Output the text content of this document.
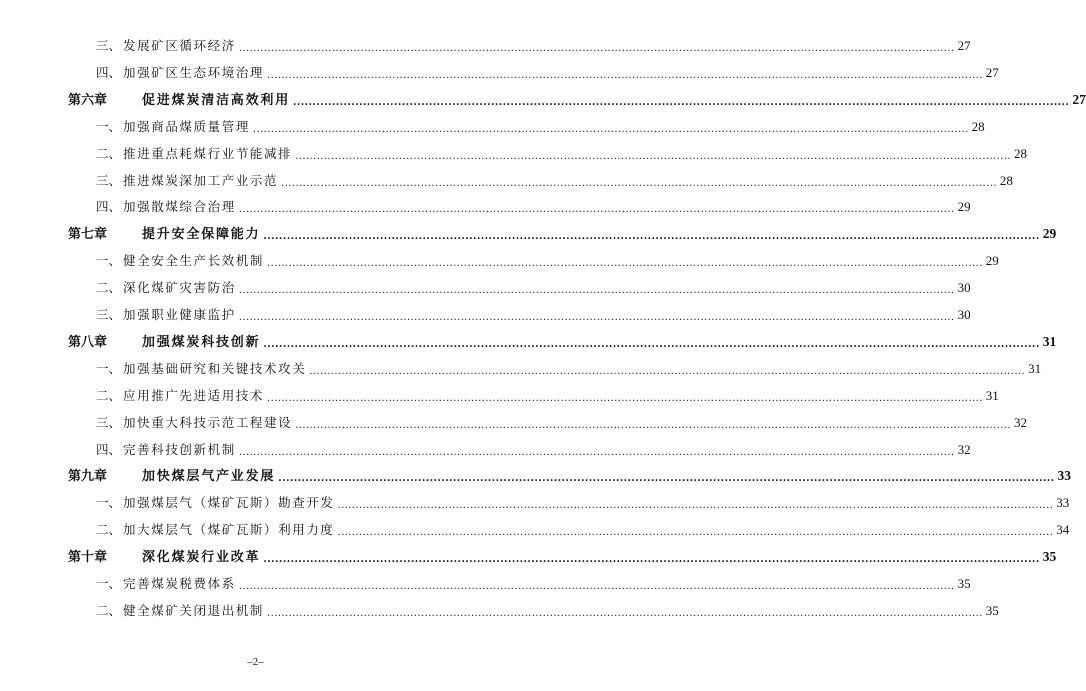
三、 发展矿区循环经济 ........................................................................................................................................................................................................ 27
四、 加强矿区生态环境治理 ........................................................................................................................................................................................................ 27
第六章	促进煤炭清洁高效利用 ........................................................................................................................................................................................................ 27
一、 加强商品煤质量管理 ........................................................................................................................................................................................................ 28
二、 推进重点耗煤行业节能减排 ........................................................................................................................................................................................................ 28
三、 推进煤炭深加工产业示范 ........................................................................................................................................................................................................ 28
四、 加强散煤综合治理 ........................................................................................................................................................................................................ 29
第七章	提升安全保障能力 ........................................................................................................................................................................................................ 29
一、 健全安全生产长效机制 ........................................................................................................................................................................................................ 29
二、 深化煤矿灾害防治 ........................................................................................................................................................................................................ 30
三、 加强职业健康监护 ........................................................................................................................................................................................................ 30
第八章	加强煤炭科技创新 ........................................................................................................................................................................................................ 31
一、 加强基础研究和关键技术攻关 ........................................................................................................................................................................................................ 31
二、 应用推广先进适用技术 ........................................................................................................................................................................................................ 31
三、 加快重大科技示范工程建设 ........................................................................................................................................................................................................ 32
四、 完善科技创新机制 ........................................................................................................................................................................................................ 32
第九章	加快煤层气产业发展 ........................................................................................................................................................................................................ 33
一、 加强煤层气（煤矿瓦斯）勘查开发 ........................................................................................................................................................................................................ 33
二、 加大煤层气（煤矿瓦斯）利用力度 ........................................................................................................................................................................................................ 34
第十章	深化煤炭行业改革 ........................................................................................................................................................................................................ 35
一、 完善煤炭税费体系 ........................................................................................................................................................................................................ 35
二、 健全煤矿关闭退出机制 ........................................................................................................................................................................................................ 35
–2–
